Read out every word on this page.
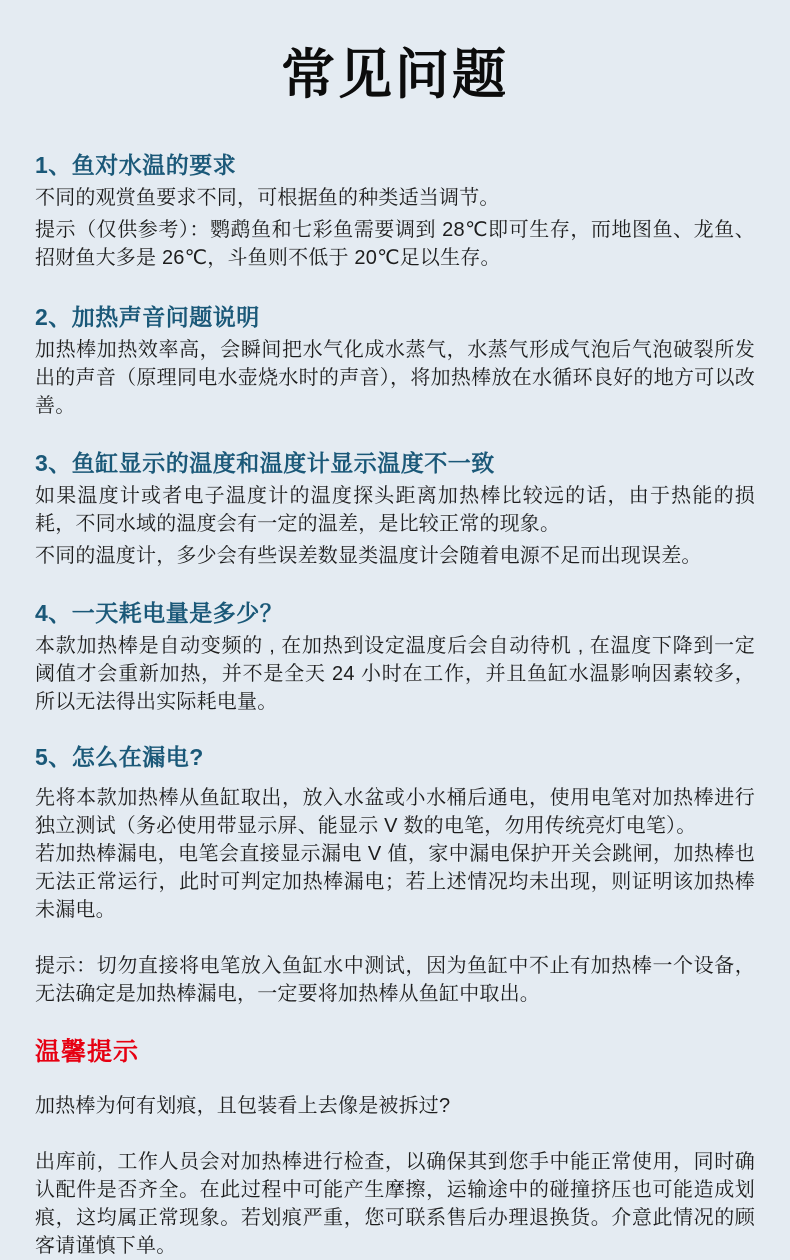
常见问题
1、鱼对水温的要求

不同的观赏鱼要求不同，可根据鱼的种类适当调节。

提示（仅供参考）：鹦鹉鱼和七彩鱼需要调到 28℃即可生存，而地图鱼、龙鱼、招财鱼大多是 26℃，斗鱼则不低于 20℃足以生存。

2、加热声音问题说明

加热棒加热效率高，会瞬间把水气化成水蒸气，水蒸气形成气泡后气泡破裂所发出的声音（原理同电水壶烧水时的声音），将加热棒放在水循环良好的地方可以改善。

3、鱼缸显示的温度和温度计显示温度不一致

如果温度计或者电子温度计的温度探头距离加热棒比较远的话，由于热能的损耗，不同水域的温度会有一定的温差，是比较正常的现象。

不同的温度计，多少会有些误差数显类温度计会随着电源不足而出现误差。

4、一天耗电量是多少？

本款加热棒是自动变频的 , 在加热到设定温度后会自动待机 , 在温度下降到一定阈值才会重新加热，并不是全天 24 小时在工作，并且鱼缸水温影响因素较多，所以无法得出实际耗电量。

5、怎么在漏电?

先将本款加热棒从鱼缸取出，放入水盆或小水桶后通电，使用电笔对加热棒进行独立测试（务必使用带显示屏、能显示 V 数的电笔，勿用传统亮灯电笔）。

若加热棒漏电，电笔会直接显示漏电 V 值，家中漏电保护开关会跳闸，加热棒也无法正常运行，此时可判定加热棒漏电；若上述情况均未出现，则证明该加热棒未漏电。

提示：切勿直接将电笔放入鱼缸水中测试，因为鱼缸中不止有加热棒一个设备，无法确定是加热棒漏电，一定要将加热棒从鱼缸中取出。

温馨提示

加热棒为何有划痕，且包装看上去像是被拆过?

出库前，工作人员会对加热棒进行检查，以确保其到您手中能正常使用，同时确认配件是否齐全。在此过程中可能产生摩擦，运输途中的碰撞挤压也可能造成划痕，这均属正常现象。若划痕严重，您可联系售后办理退换货。介意此情况的顾客请谨慎下单。
